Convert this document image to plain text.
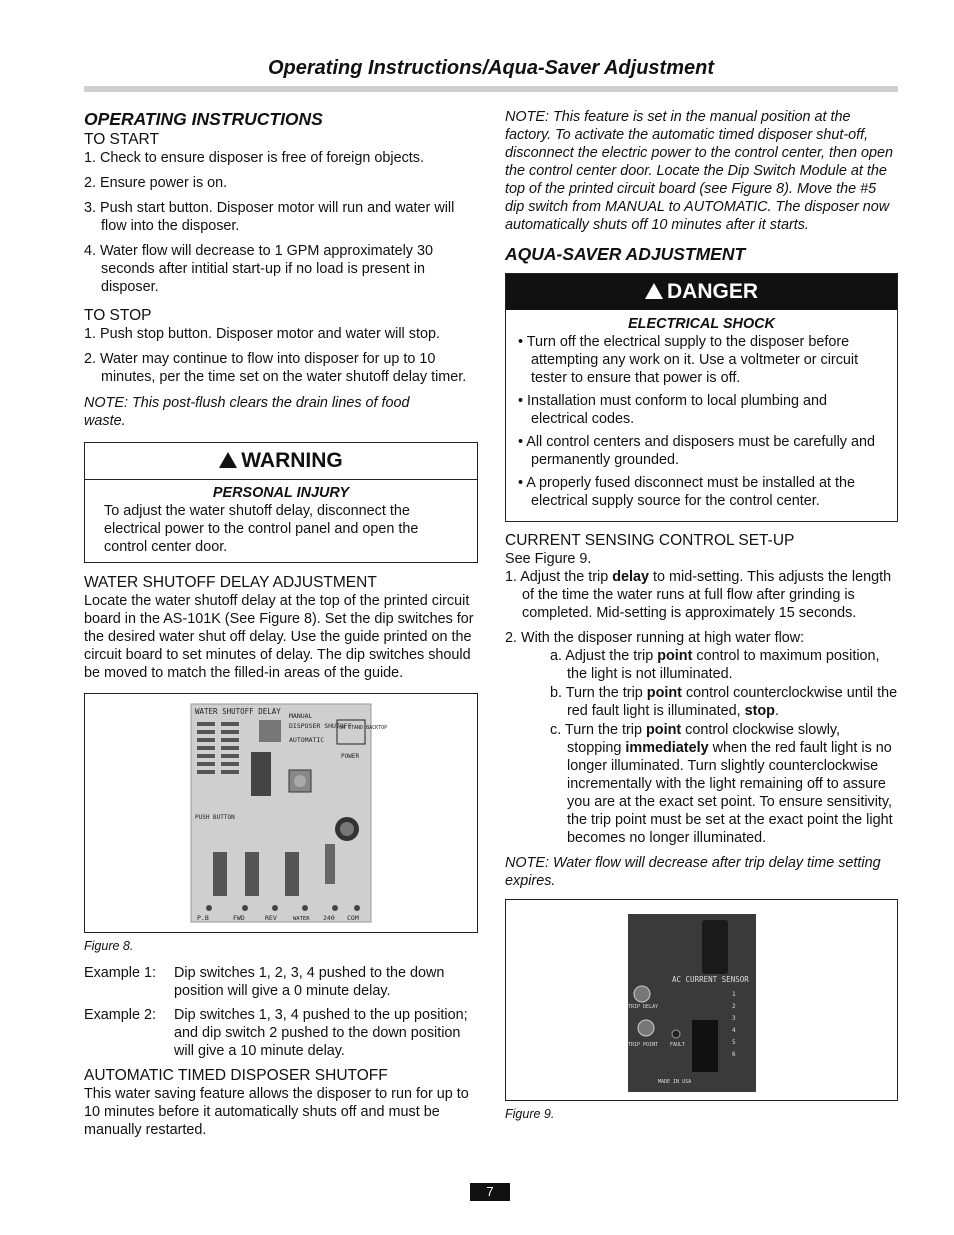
Operating Instructions/Aqua-Saver Adjustment
OPERATING INSTRUCTIONS
TO START
1. Check to ensure disposer is free of foreign objects.
2. Ensure power is on.
3. Push start button. Disposer motor will run and water will flow into the disposer.
4. Water flow will decrease to 1 GPM approximately 30 seconds after intitial start-up if no load is present in disposer.
TO STOP
1. Push stop button. Disposer motor and water will stop.
2. Water may continue to flow into disposer for up to 10 minutes, per the time set on the water shutoff delay timer.
NOTE: This post-flush clears the drain lines of food waste.
WARNING
PERSONAL INJURY
To adjust the water shutoff delay, disconnect the electrical power to the control panel and open the control center door.
WATER SHUTOFF DELAY ADJUSTMENT
Locate the water shutoff delay at the top of the printed circuit board in the AS-101K (See Figure 8). Set the dip switches for the desired water shut off delay. Use the guide printed on the circuit board to set minutes of delay. The dip switches should be moved to match the filled-in areas of the guide.
WATER SHUTOFF DELAY MANUAL
DISPOSER SHUTOFF
AUTOMATIC
ON STAND BACKTOP
POWER
PUSH BUTTON
P.B	FWD	REV	WATER 240 COM
Figure 8.
Example 1:	Dip switches 1, 2, 3, 4 pushed to the down position will give a 0 minute delay.
Example 2:	Dip switches 1, 3, 4 pushed to the up position; and dip switch 2 pushed to the down position will give a 10 minute delay.
AUTOMATIC TIMED DISPOSER SHUTOFF
This water saving feature allows the disposer to run for up to 10 minutes before it automatically shuts off and must be manually restarted.
NOTE: This feature is set in the manual position at the factory. To activate the automatic timed disposer shut-off, disconnect the electric power to the control center, then open the control center door. Locate the Dip Switch Module at the top of the printed circuit board (see Figure 8). Move the #5 dip switch from MANUAL to AUTOMATIC. The disposer now automatically shuts off 10 minutes after it starts.
AQUA-SAVER ADJUSTMENT
DANGER
ELECTRICAL SHOCK
• Turn off the electrical supply to the disposer before attempting any work on it. Use a voltmeter or circuit tester to ensure that power is off.
• Installation must conform to local plumbing and electrical codes.
• All control centers and disposers must be carefully and permanently grounded.
• A properly fused disconnect must be installed at the electrical supply source for the control center.
CURRENT SENSING CONTROL SET-UP
See Figure 9.
1. Adjust the trip delay to mid-setting. This adjusts the length of the time the water runs at full flow after grinding is completed. Mid-setting is approximately 15 seconds.
2. With the disposer running at high water flow:
a. Adjust the trip point control to maximum position, the light is not illuminated.
b. Turn the trip point control counterclockwise until the red fault light is illuminated, stop.
c. Turn the trip point control clockwise slowly, stopping immediately when the red fault light is no longer illuminated. Turn slightly counterclockwise incrementally with the light remaining off to assure you are at the exact set point. To ensure sensitivity, the trip point must be set at the exact point the light becomes no longer illuminated.
NOTE: Water flow will decrease after trip delay time setting expires.
AC CURRENT SENSOR
TRIP DELAY
TRIP POINT FAULT
1
2
3
4
5
6
MADE IN USA
Figure 9.
7
